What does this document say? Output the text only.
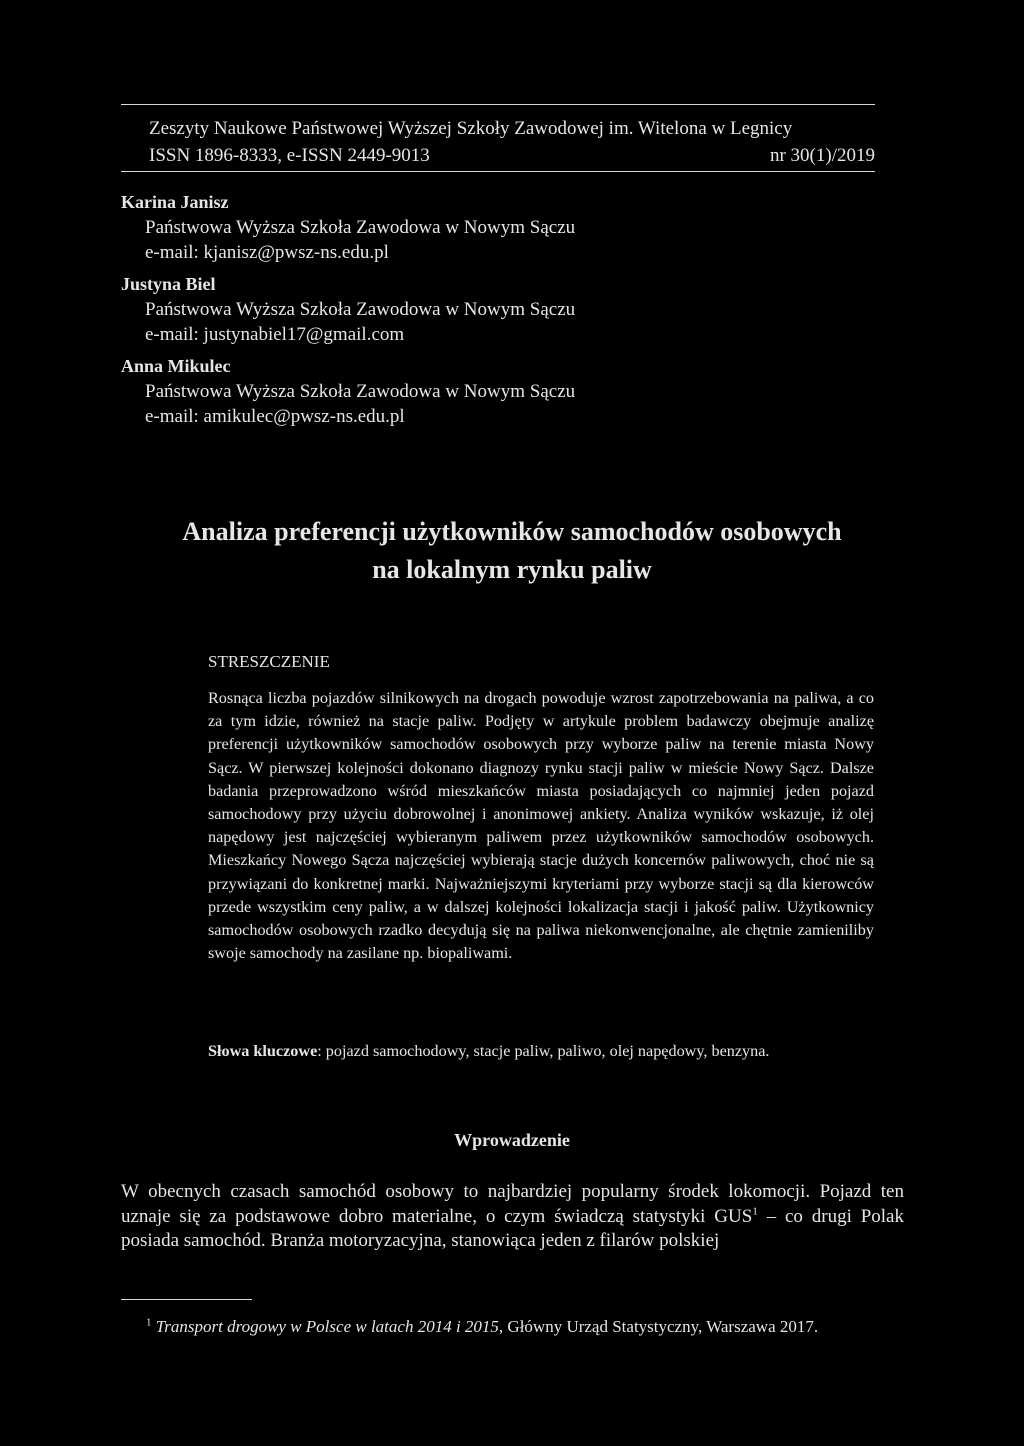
Zeszyty Naukowe Państwowej Wyższej Szkoły Zawodowej im. Witelona w Legnicy
ISSN 1896-8333, e-ISSN 2449-9013	nr 30(1)/2019
Karina Janisz
Państwowa Wyższa Szkoła Zawodowa w Nowym Sączu
e-mail: kjanisz@pwsz-ns.edu.pl
Justyna Biel
Państwowa Wyższa Szkoła Zawodowa w Nowym Sączu
e-mail: justynabiel17@gmail.com
Anna Mikulec
Państwowa Wyższa Szkoła Zawodowa w Nowym Sączu
e-mail: amikulec@pwsz-ns.edu.pl
Analiza preferencji użytkowników samochodów osobowych
na lokalnym rynku paliw
STRESZCZENIE

Rosnąca liczba pojazdów silnikowych na drogach powoduje wzrost zapotrzebowania na paliwa, a co za tym idzie, również na stacje paliw. Podjęty w artykule problem badawczy obejmuje analizę preferencji użytkowników samochodów osobowych przy wyborze paliw na terenie miasta Nowy Sącz. W pierwszej kolejności dokonano diagnozy rynku stacji paliw w mieście Nowy Sącz. Dalsze badania przeprowadzono wśród mieszkańców miasta posiadających co najmniej jeden pojazd samochodowy przy użyciu dobrowolnej i anonimowej ankiety. Analiza wyników wskazuje, iż olej napędowy jest najczęściej wybieranym paliwem przez użytkowników samochodów osobowych. Mieszkańcy Nowego Sącza najczęściej wybierają stacje dużych koncernów paliwowych, choć nie są przywiązani do konkretnej marki. Najważniejszymi kryteriami przy wyborze stacji są dla kierowców przede wszystkim ceny paliw, a w dalszej kolejności lokalizacja stacji i jakość paliw. Użytkownicy samochodów osobowych rzadko decydują się na paliwa niekonwencjonalne, ale chętnie zamieniliby swoje samochody na zasilane np. biopaliwami.

Słowa kluczowe: pojazd samochodowy, stacje paliw, paliwo, olej napędowy, benzyna.
Wprowadzenie

W obecnych czasach samochód osobowy to najbardziej popularny środek lokomocji. Pojazd ten uznaje się za podstawowe dobro materialne, o czym świadczą statystyki GUS$^1$ – co drugi Polak posiada samochód. Branża motoryzacyjna, stanowiąca jeden z filarów polskiej

$^1$ Transport drogowy w Polsce w latach 2014 i 2015, Główny Urząd Statystyczny, Warszawa 2017.
